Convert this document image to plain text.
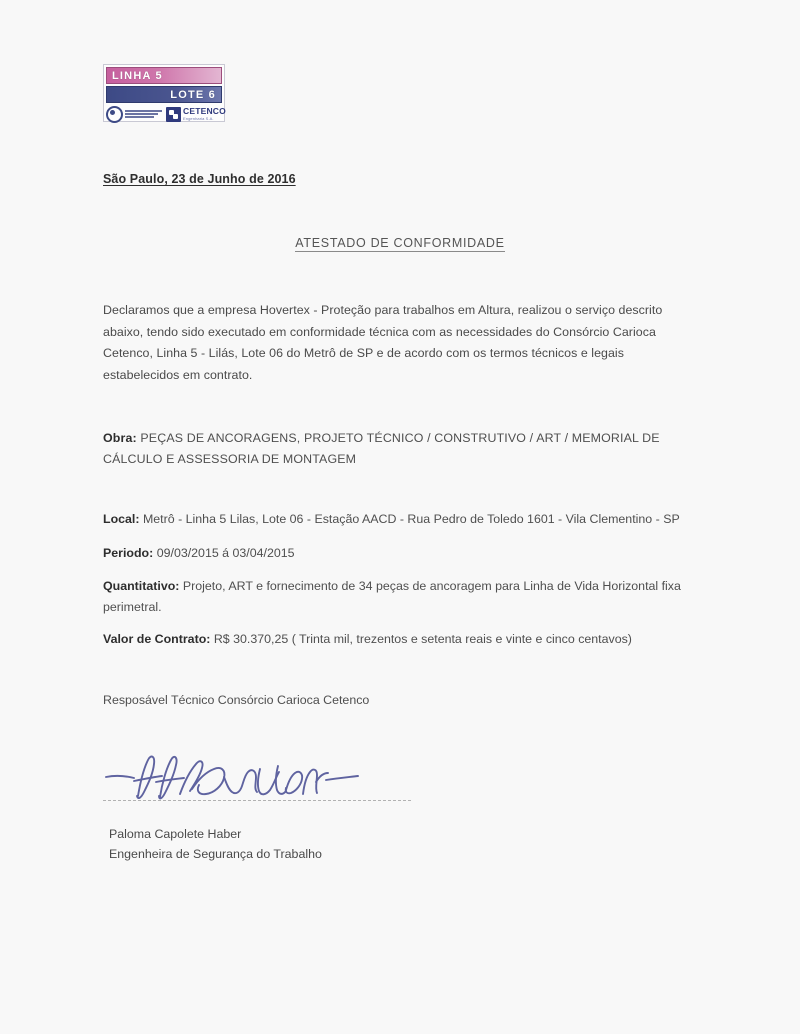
LINHA 5
LOTE 6
CETENCO
Engenharia S.A.
São Paulo, 23 de Junho de 2016
ATESTADO DE CONFORMIDADE
Declaramos que a empresa Hovertex - Proteção para trabalhos em Altura, realizou o serviço descrito abaixo, tendo sido executado em conformidade técnica com as necessidades do Consórcio Carioca Cetenco, Linha 5 - Lilás, Lote 06 do Metrô de SP e de acordo com os termos técnicos e legais estabelecidos em contrato.
Obra: PEÇAS DE ANCORAGENS, PROJETO TÉCNICO / CONSTRUTIVO / ART / MEMORIAL DE CÁLCULO E ASSESSORIA DE MONTAGEM
Local: Metrô - Linha 5 Lilas, Lote 06 - Estação AACD - Rua Pedro de Toledo 1601 - Vila Clementino - SP
Periodo: 09/03/2015 á 03/04/2015
Quantitativo: Projeto, ART e fornecimento de 34 peças de ancoragem para Linha de Vida Horizontal fixa perimetral.
Valor de Contrato: R$ 30.370,25 ( Trinta mil, trezentos e setenta reais e vinte e cinco centavos)
Resposável Técnico Consórcio Carioca Cetenco
Paloma Capolete Haber
Engenheira de Segurança do Trabalho
